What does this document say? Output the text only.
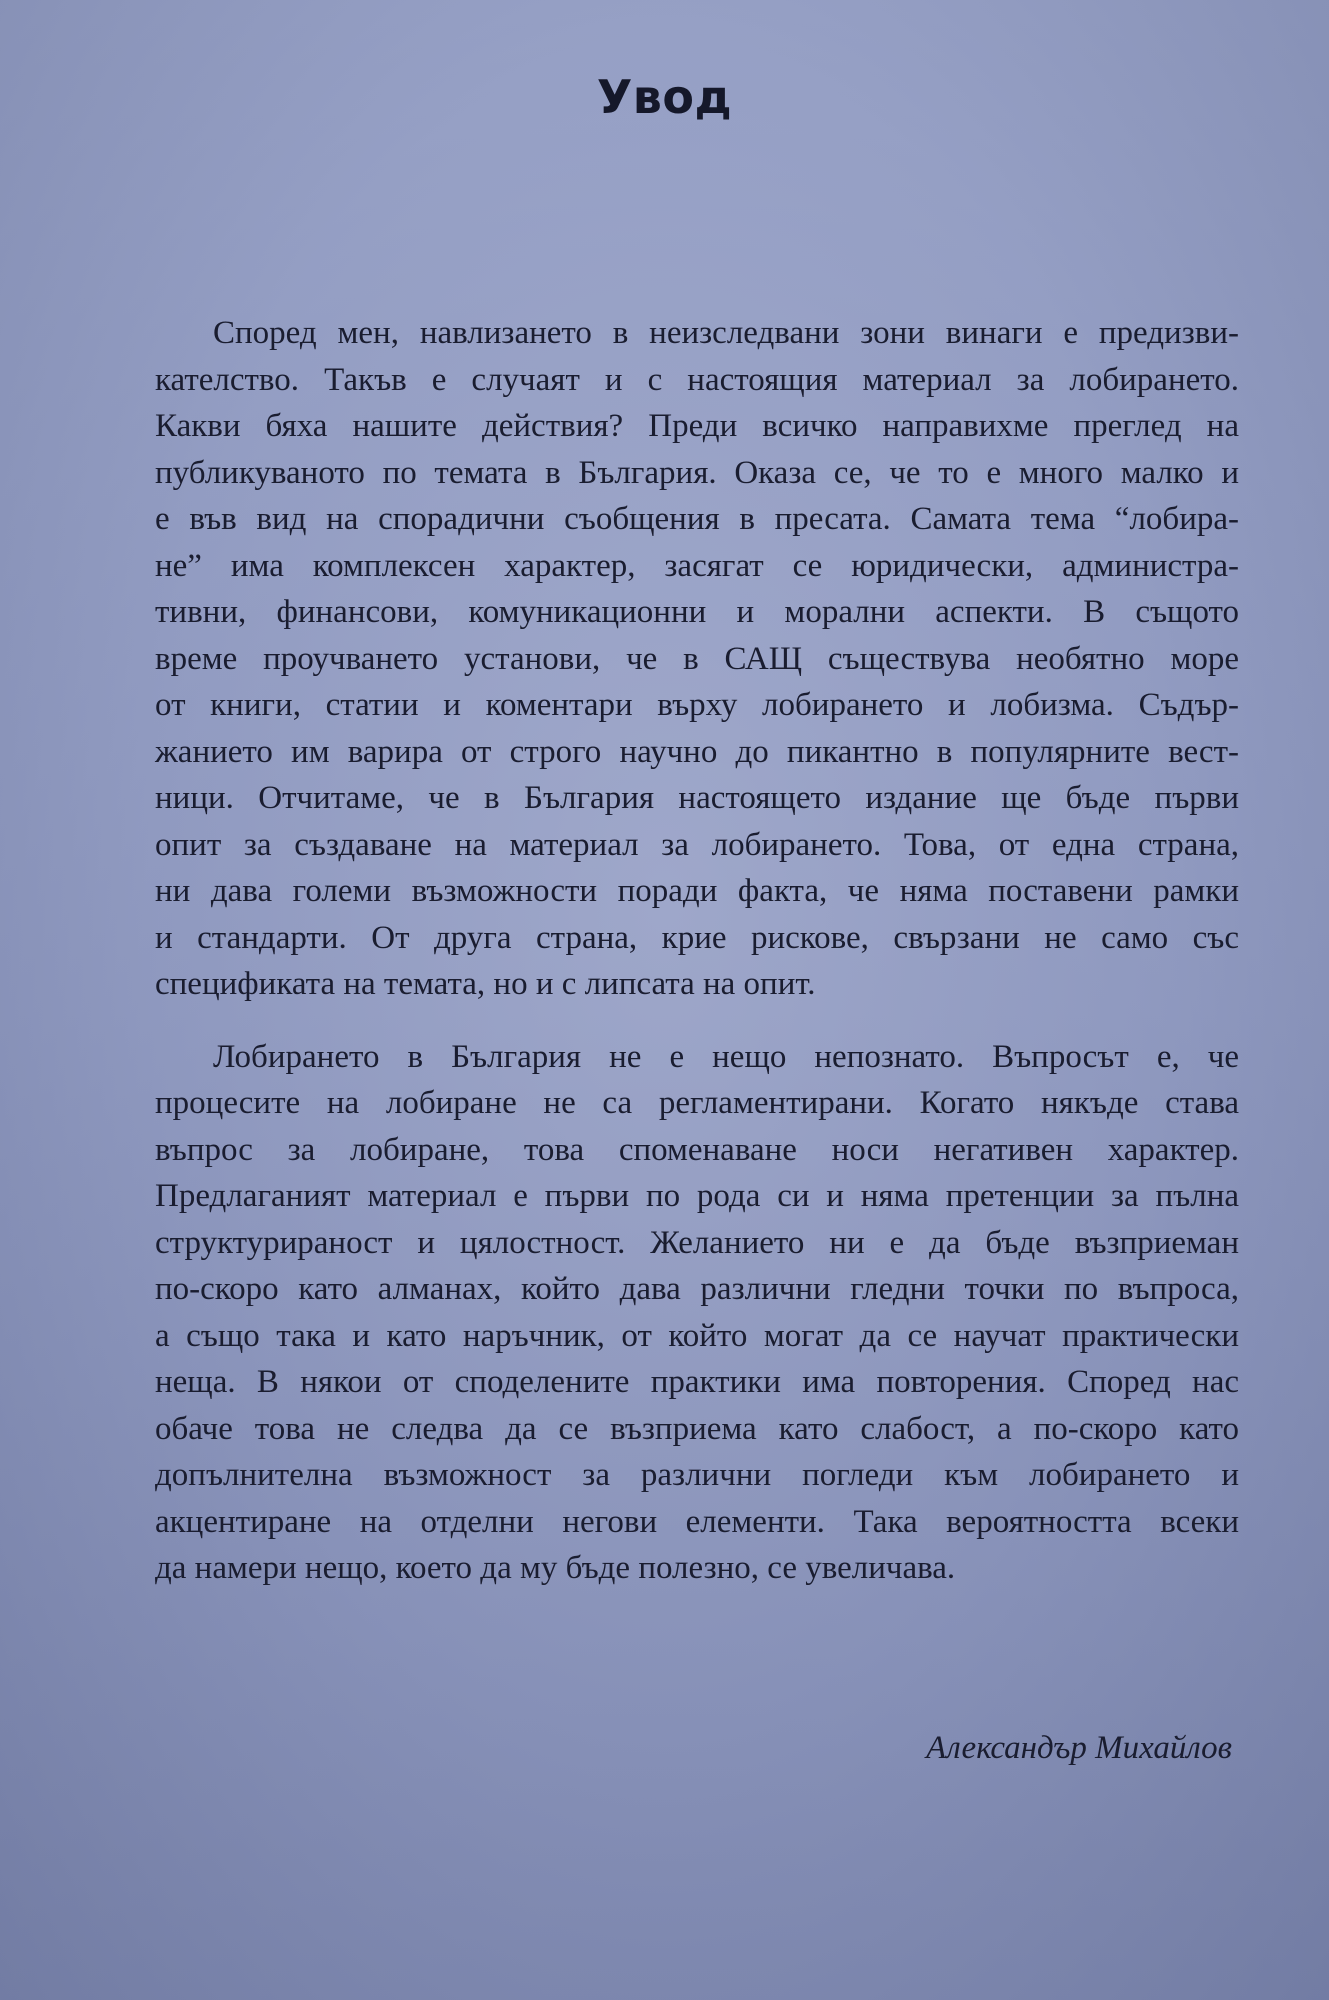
Увод
Според мен, навлизането в неизследвани зони винаги е предизви-
кателство. Такъв е случаят и с настоящия материал за лобирането.
Какви бяха нашите действия? Преди всичко направихме преглед на
публикуваното по темата в България. Оказа се, че то е много малко и
е във вид на спорадични съобщения в пресата. Самата тема “лобира-
не” има комплексен характер, засягат се юридически, администра-
тивни, финансови, комуникационни и морални аспекти. В същото
време проучването установи, че в САЩ съществува необятно море
от книги, статии и коментари върху лобирането и лобизма. Съдър-
жанието им варира от строго научно до пикантно в популярните вест-
ници. Отчитаме, че в България настоящето издание ще бъде първи
опит за създаване на материал за лобирането. Това, от една страна,
ни дава големи възможности поради факта, че няма поставени рамки
и стандарти. От друга страна, крие рискове, свързани не само със
спецификата на темата, но и с липсата на опит.
Лобирането в България не е нещо непознато. Въпросът е, че
процесите на лобиране не са регламентирани. Когато някъде става
въпрос за лобиране, това споменаване носи негативен характер.
Предлаганият материал е първи по рода си и няма претенции за пълна
структурираност и цялостност. Желанието ни е да бъде възприеман
по-скоро като алманах, който дава различни гледни точки по въпроса,
а също така и като наръчник, от който могат да се научат практически
неща. В някои от споделените практики има повторения. Според нас
обаче това не следва да се възприема като слабост, а по-скоро като
допълнителна възможност за различни погледи към лобирането и
акцентиране на отделни негови елементи. Така вероятността всеки
да намери нещо, което да му бъде полезно, се увеличава.
Александър Михайлов
